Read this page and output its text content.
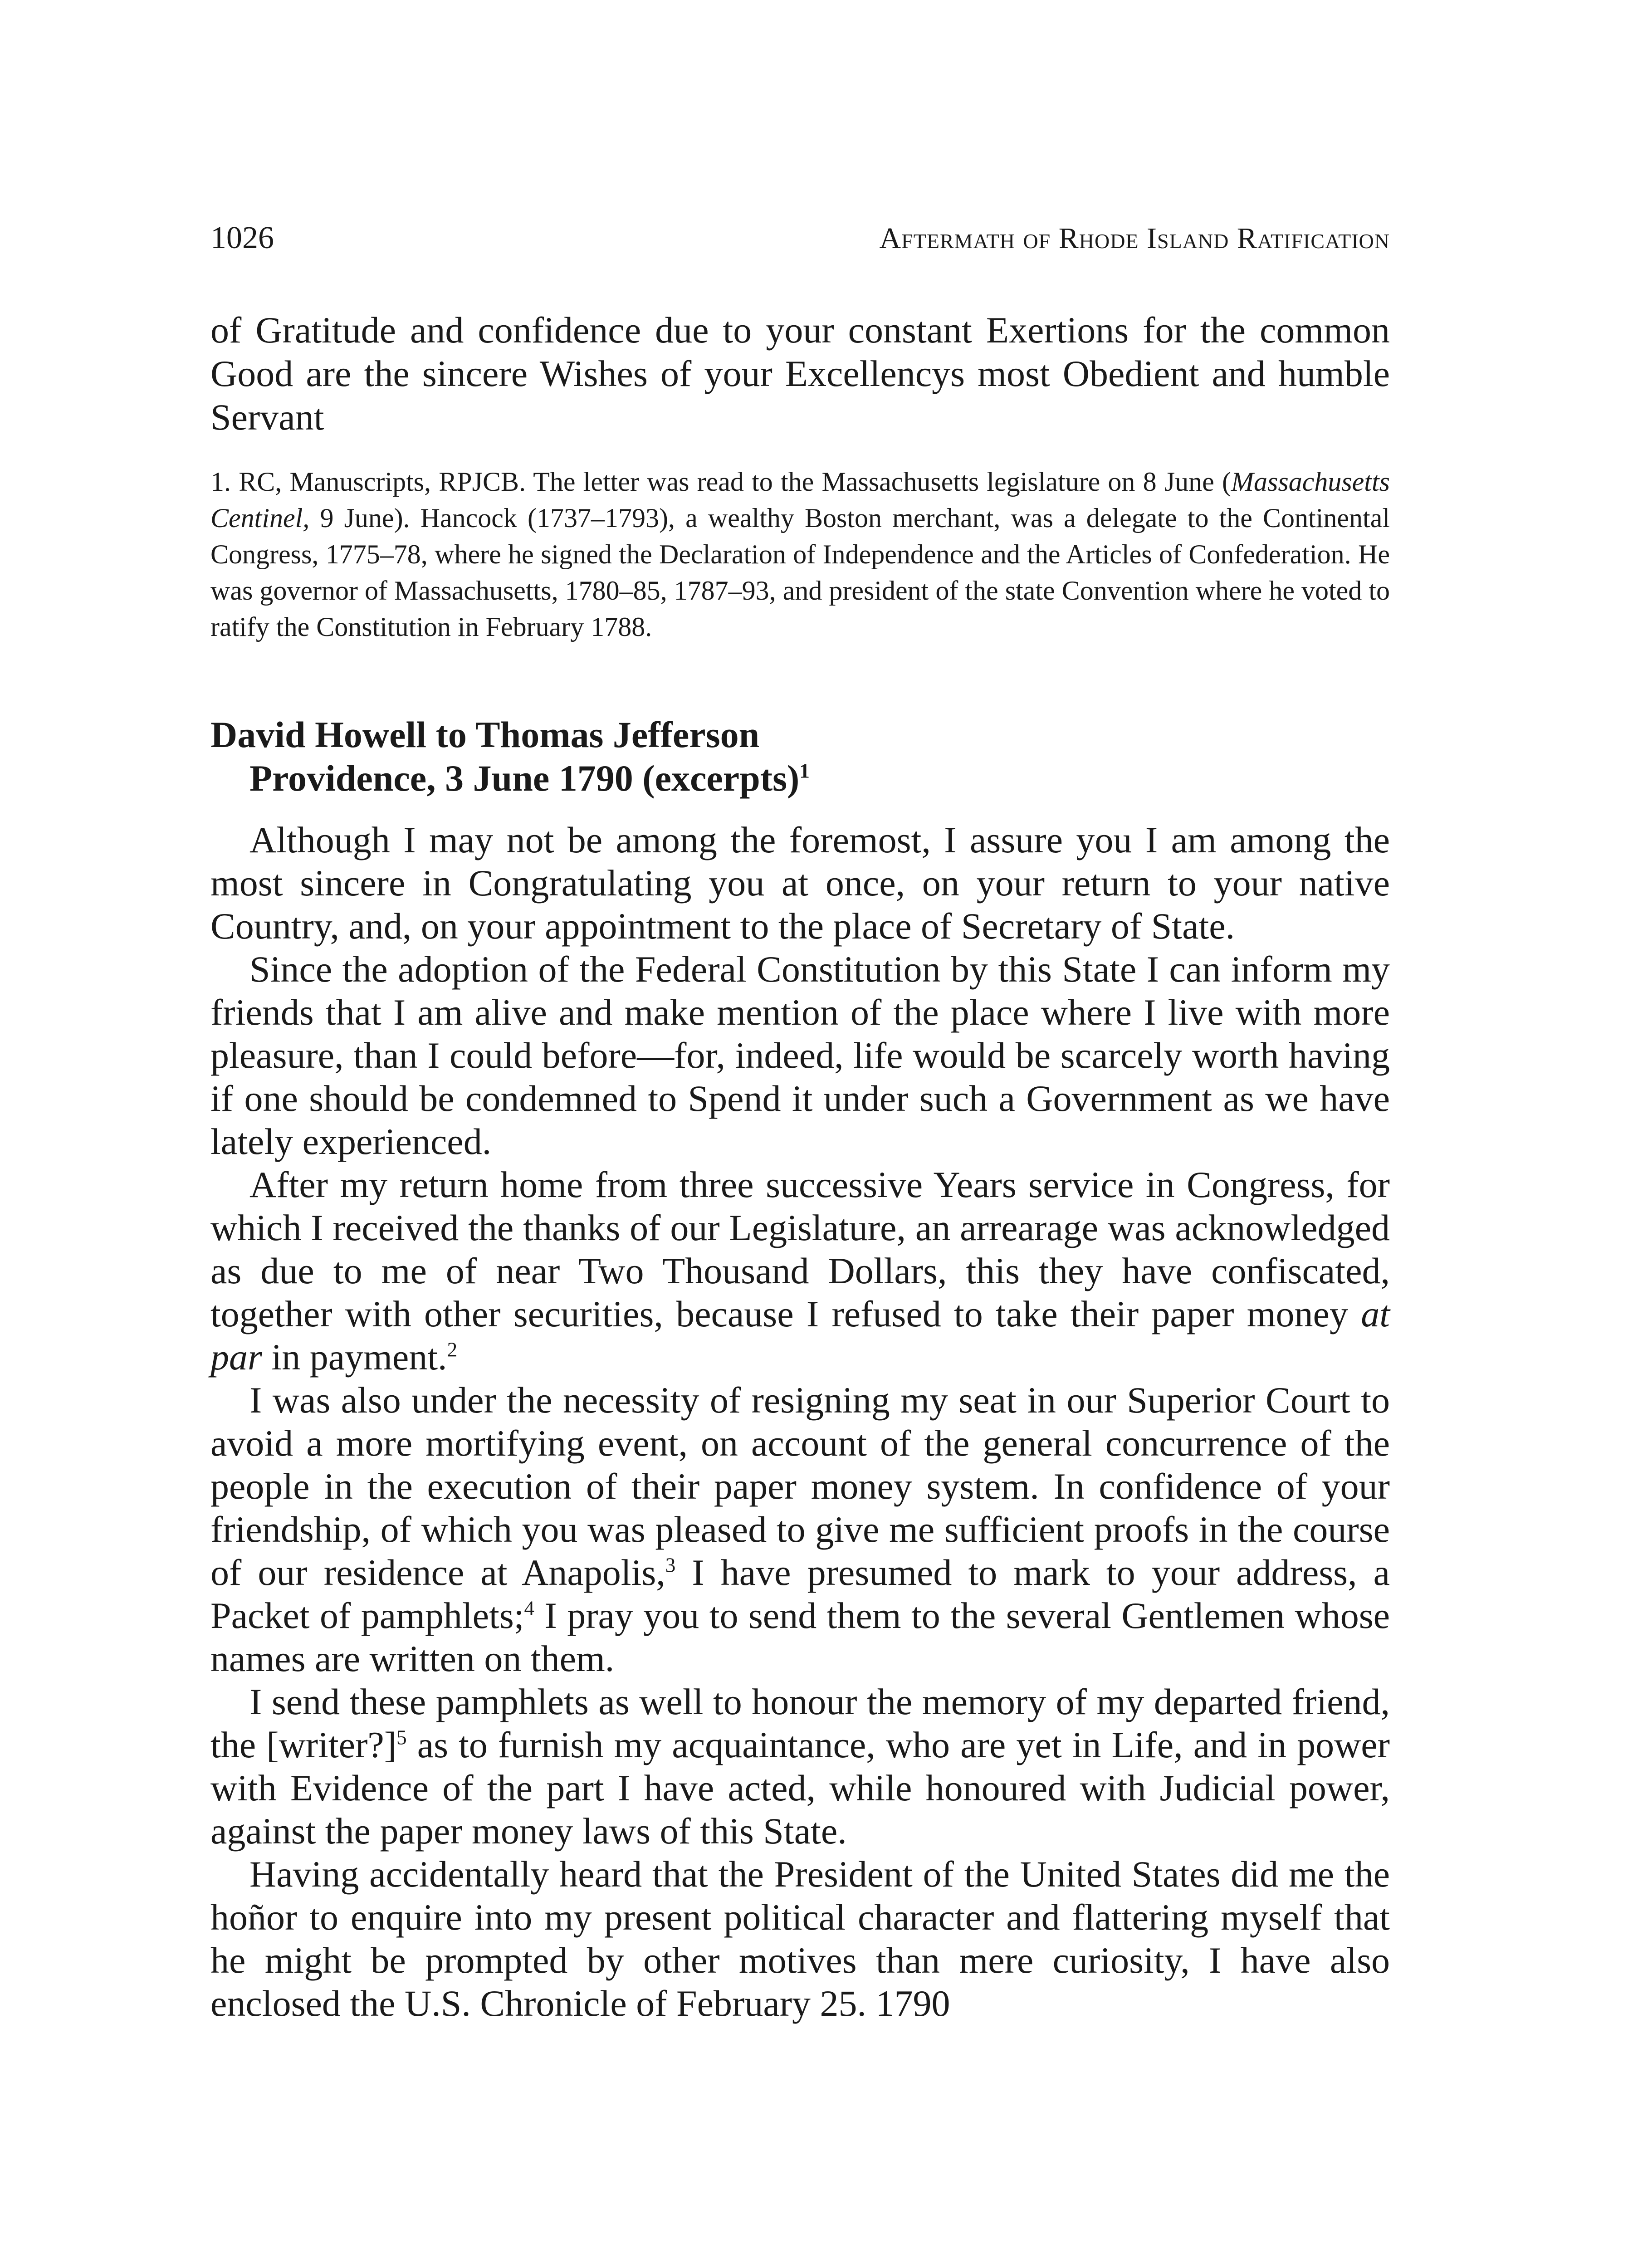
1026	Aftermath of Rhode Island Ratification
of Gratitude and confidence due to your constant Exertions for the common Good are the sincere Wishes of your Excellencys most Obedient and humble Servant

1. RC, Manuscripts, RPJCB. The letter was read to the Massachusetts legislature on 8 June (Massachusetts Centinel, 9 June). Hancock (1737–1793), a wealthy Boston merchant, was a delegate to the Continental Congress, 1775–78, where he signed the Declaration of Independence and the Articles of Confederation. He was governor of Massachusetts, 1780–85, 1787–93, and president of the state Convention where he voted to ratify the Constitution in February 1788.

David Howell to Thomas Jefferson
Providence, 3 June 1790 (excerpts)$^1$

Although I may not be among the foremost, I assure you I am among the most sincere in Congratulating you at once, on your return to your native Country, and, on your appointment to the place of Secretary of State.

Since the adoption of the Federal Constitution by this State I can inform my friends that I am alive and make mention of the place where I live with more pleasure, than I could before—for, indeed, life would be scarcely worth having if one should be condemned to Spend it under such a Government as we have lately experienced.

After my return home from three successive Years service in Congress, for which I received the thanks of our Legislature, an arrearage was acknowledged as due to me of near Two Thousand Dollars, this they have confiscated, together with other securities, because I refused to take their paper money at par in payment.$^2$

I was also under the necessity of resigning my seat in our Superior Court to avoid a more mortifying event, on account of the general concurrence of the people in the execution of their paper money system. In confidence of your friendship, of which you was pleased to give me sufficient proofs in the course of our residence at Anapolis,$^3$ I have presumed to mark to your address, a Packet of pamphlets;$^4$ I pray you to send them to the several Gentlemen whose names are written on them.

I send these pamphlets as well to honour the memory of my departed friend, the [writer?]$^5$ as to furnish my acquaintance, who are yet in Life, and in power with Evidence of the part I have acted, while honoured with Judicial power, against the paper money laws of this State.

Having accidentally heard that the President of the United States did me the hoñor to enquire into my present political character and flattering myself that he might be prompted by other motives than mere curiosity, I have also enclosed the U.S. Chronicle of February 25. 1790
